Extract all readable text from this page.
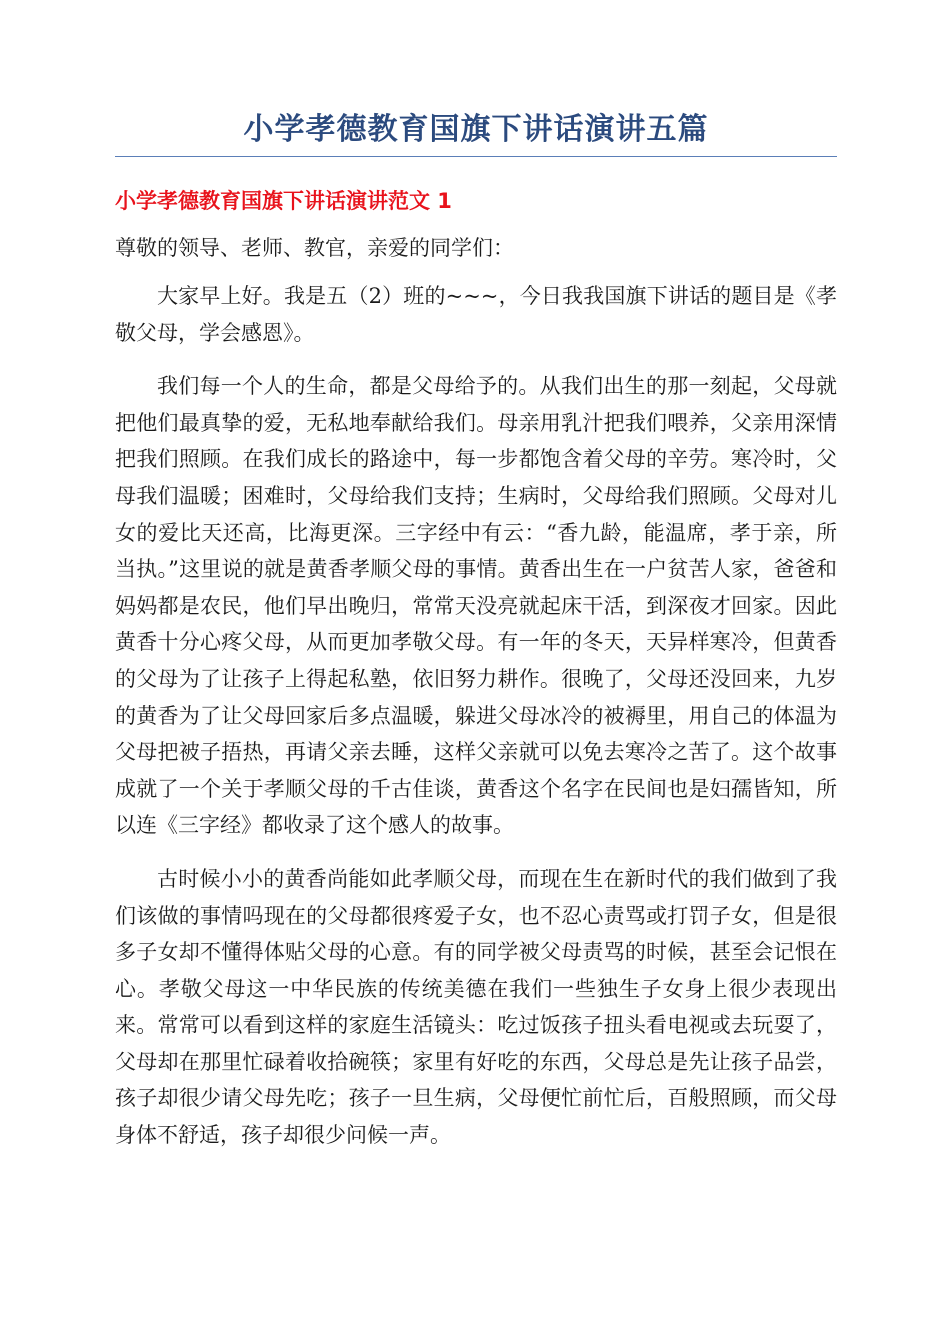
小学孝德教育国旗下讲话演讲五篇
小学孝德教育国旗下讲话演讲范文 1
尊敬的领导、老师、教官，亲爱的同学们：

大家早上好。我是五（2）班的~~~，今日我我国旗下讲话的题目是《孝敬父母，学会感恩》。

我们每一个人的生命，都是父母给予的。从我们出生的那一刻起，父母就把他们最真挚的爱，无私地奉献给我们。母亲用乳汁把我们喂养，父亲用深情把我们照顾。在我们成长的路途中，每一步都饱含着父母的辛劳。寒冷时，父母我们温暖；困难时，父母给我们支持；生病时，父母给我们照顾。父母对儿女的爱比天还高，比海更深。三字经中有云：“香九龄，能温席，孝于亲，所当执。”这里说的就是黄香孝顺父母的事情。黄香出生在一户贫苦人家，爸爸和妈妈都是农民，他们早出晚归，常常天没亮就起床干活，到深夜才回家。因此黄香十分心疼父母，从而更加孝敬父母。有一年的冬天，天异样寒冷，但黄香的父母为了让孩子上得起私塾，依旧努力耕作。很晚了，父母还没回来，九岁的黄香为了让父母回家后多点温暖，躲进父母冰冷的被褥里，用自己的体温为父母把被子捂热，再请父亲去睡，这样父亲就可以免去寒冷之苦了。这个故事成就了一个关于孝顺父母的千古佳谈，黄香这个名字在民间也是妇孺皆知，所以连《三字经》都收录了这个感人的故事。

古时候小小的黄香尚能如此孝顺父母，而现在生在新时代的我们做到了我们该做的事情吗现在的父母都很疼爱子女，也不忍心责骂或打罚子女，但是很多子女却不懂得体贴父母的心意。有的同学被父母责骂的时候，甚至会记恨在心。孝敬父母这一中华民族的传统美德在我们一些独生子女身上很少表现出来。常常可以看到这样的家庭生活镜头：吃过饭孩子扭头看电视或去玩耍了，父母却在那里忙碌着收拾碗筷；家里有好吃的东西，父母总是先让孩子品尝，孩子却很少请父母先吃；孩子一旦生病，父母便忙前忙后，百般照顾，而父母身体不舒适，孩子却很少问候一声。
